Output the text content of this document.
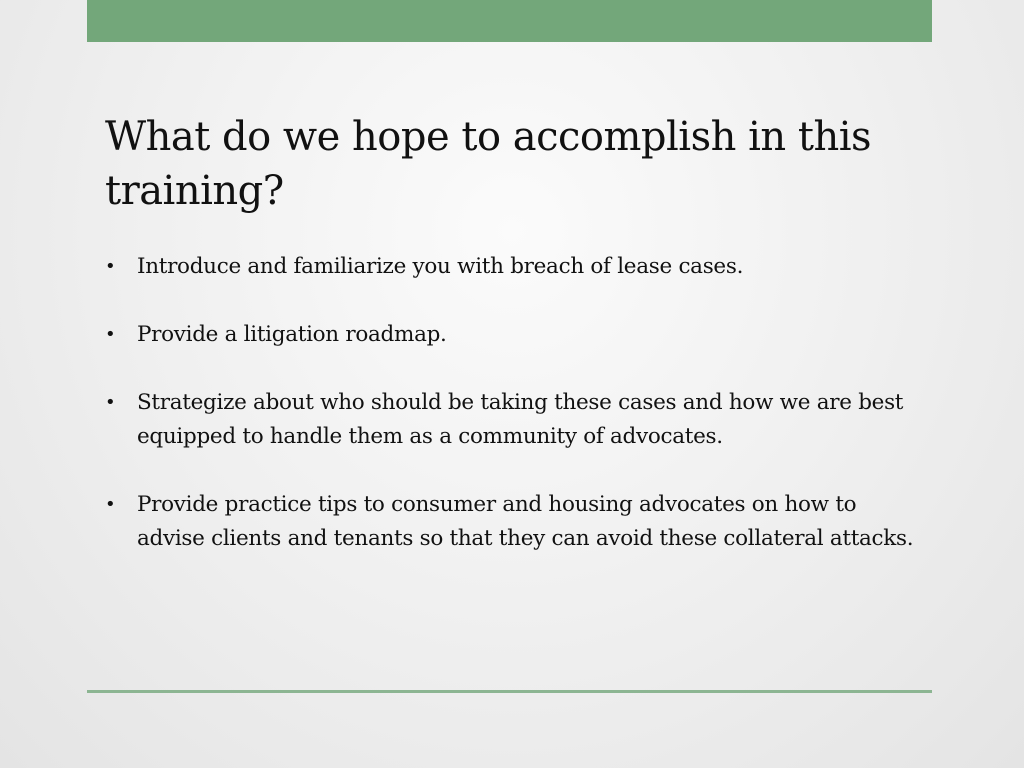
What do we hope to accomplish in this training?
• Introduce and familiarize you with breach of lease cases.
• Provide a litigation roadmap.
• Strategize about who should be taking these cases and how we are best equipped to handle them as a community of advocates.
• Provide practice tips to consumer and housing advocates on how to advise clients and tenants so that they can avoid these collateral attacks.
